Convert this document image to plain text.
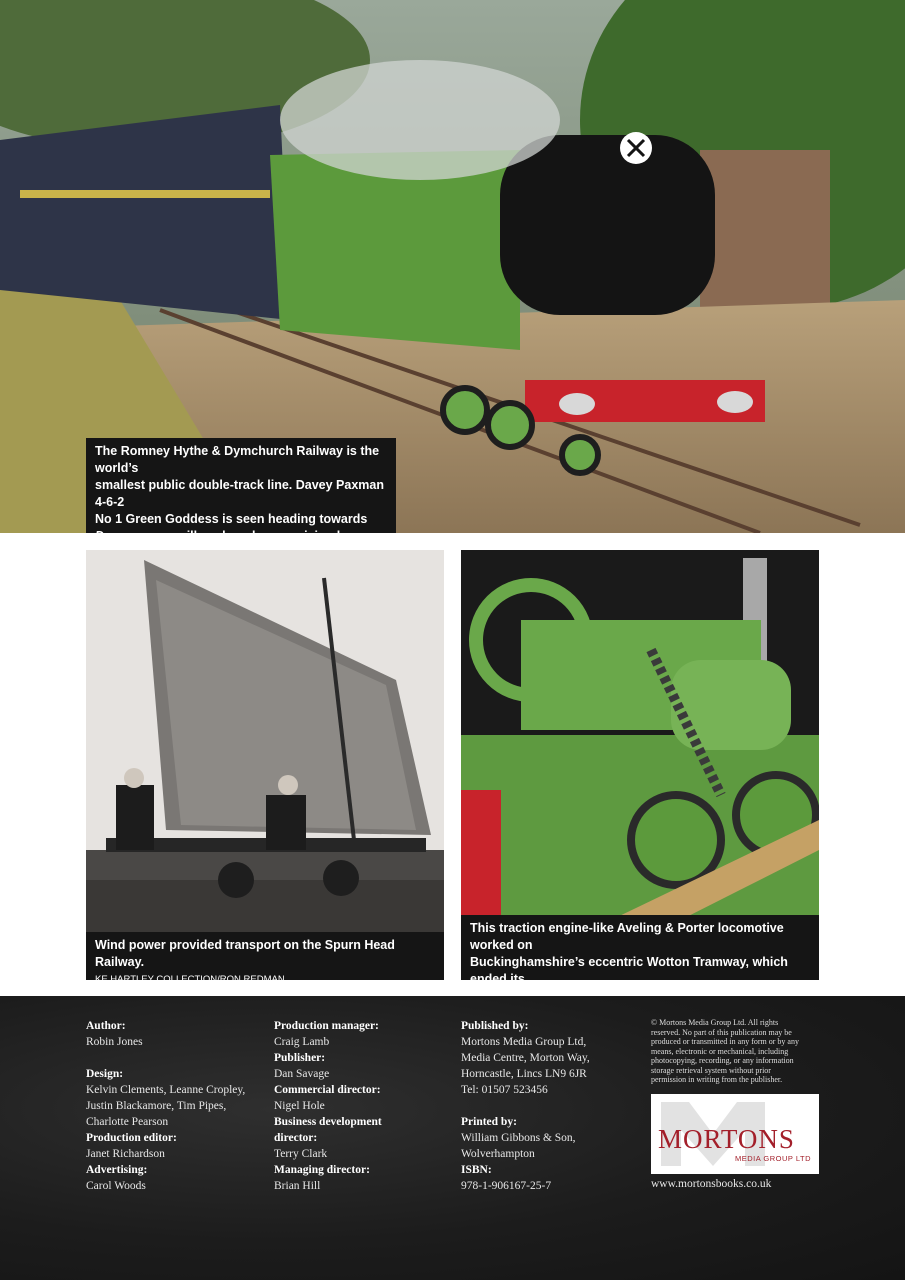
The Romney Hythe & Dymchurch Railway is the world’s
smallest public double-track line. Davey Paxman 4-6-2
No 1 Green Goddess is seen heading towards
Dungeness, a village largely comprising homes
Wind power provided transport on the Spurn Head Railway.
KE HARTLEY COLLECTION/RON REDMAN
This traction engine-like Aveling & Porter locomotive worked on
Buckinghamshire’s eccentric Wotton Tramway, which ended its
Author:
Robin Jones
Design:
Kelvin Clements, Leanne Cropley,
Justin Blackamore, Tim Pipes,
Charlotte Pearson
Production editor:
Janet Richardson
Advertising:
Carol Woods
Production manager:
Craig Lamb
Publisher:
Dan Savage
Commercial director:
Nigel Hole
Business development
director:
Terry Clark
Managing director:
Brian Hill
Published by:
Mortons Media Group Ltd,
Media Centre, Morton Way,
Horncastle, Lincs LN9 6JR
Tel: 01507 523456
Printed by:
William Gibbons & Son,
Wolverhampton
ISBN:
978-1-906167-25-7
© Mortons Media Group Ltd. All rights
reserved. No part of this publication may be
produced or transmitted in any form or by any
means, electronic or mechanical, including
photocopying, recording, or any information
storage retrieval system without prior
permission in writing from the publisher.
MORTONS
MEDIA GROUP LTD
www.mortonsbooks.co.uk
